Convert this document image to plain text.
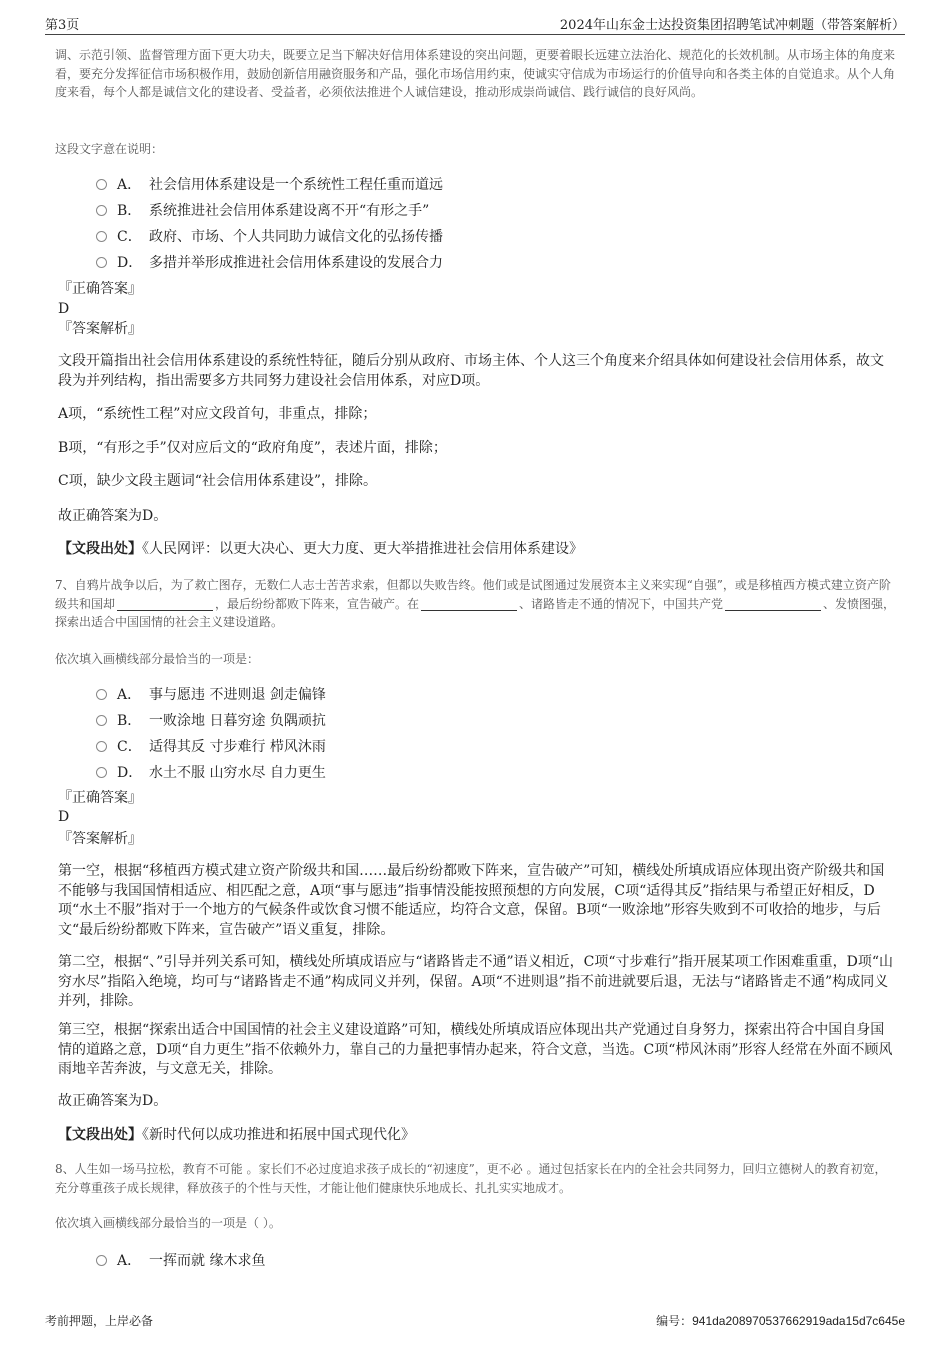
第3页	2024年山东金士达投资集团招聘笔试冲刺题（带答案解析）
调、示范引领、监督管理方面下更大功夫，既要立足当下解决好信用体系建设的突出问题，更要着眼长远建立法治化、规范化的长效机制。从市场主体的角度来看，要充分发挥征信市场积极作用，鼓励创新信用融资服务和产品，强化市场信用约束，使诚实守信成为市场运行的价值导向和各类主体的自觉追求。从个人角度来看，每个人都是诚信文化的建设者、受益者，必须依法推进个人诚信建设，推动形成崇尚诚信、践行诚信的良好风尚。
这段文字意在说明：
A． 社会信用体系建设是一个系统性工程任重而道远
B． 系统推进社会信用体系建设离不开“有形之手”
C． 政府、市场、个人共同助力诚信文化的弘扬传播
D． 多措并举形成推进社会信用体系建设的发展合力
『正确答案』
D
『答案解析』
文段开篇指出社会信用体系建设的系统性特征，随后分别从政府、市场主体、个人这三个角度来介绍具体如何建设社会信用体系，故文段为并列结构，指出需要多方共同努力建设社会信用体系，对应D项。
A项，“系统性工程”对应文段首句，非重点，排除；
B项，“有形之手”仅对应后文的“政府角度”，表述片面，排除；
C项，缺少文段主题词“社会信用体系建设”，排除。
故正确答案为D。
【文段出处】《人民网评：以更大决心、更大力度、更大举措推进社会信用体系建设》
7、自鸦片战争以后，为了救亡图存，无数仁人志士苦苦求索，但都以失败告终。他们或是试图通过发展资本主义来实现“自强”，或是移植西方模式建立资产阶级共和国却	，最后纷纷都败下阵来，宣告破产。在	、诸路皆走不通的情况下，中国共产党	、发愤图强，探索出适合中国国情的社会主义建设道路。
依次填入画横线部分最恰当的一项是：
A． 事与愿违 不进则退 剑走偏锋
B． 一败涂地 日暮穷途 负隅顽抗
C． 适得其反 寸步难行 栉风沐雨
D． 水土不服 山穷水尽 自力更生
『正确答案』
D
『答案解析』
第一空，根据“移植西方模式建立资产阶级共和国……最后纷纷都败下阵来，宣告破产”可知，横线处所填成语应体现出资产阶级共和国不能够与我国国情相适应、相匹配之意，A项“事与愿违”指事情没能按照预想的方向发展，C项“适得其反”指结果与希望正好相反，D项“水土不服”指对于一个地方的气候条件或饮食习惯不能适应，均符合文意，保留。B项“一败涂地”形容失败到不可收拾的地步，与后文“最后纷纷都败下阵来，宣告破产”语义重复，排除。
第二空，根据“、”引导并列关系可知，横线处所填成语应与“诸路皆走不通”语义相近，C项“寸步难行”指开展某项工作困难重重，D项“山穷水尽”指陷入绝境，均可与“诸路皆走不通”构成同义并列，保留。A项“不进则退”指不前进就要后退，无法与“诸路皆走不通”构成同义并列，排除。
第三空，根据“探索出适合中国国情的社会主义建设道路”可知，横线处所填成语应体现出共产党通过自身努力，探索出符合中国自身国情的道路之意，D项“自力更生”指不依赖外力，靠自己的力量把事情办起来，符合文意，当选。C项“栉风沐雨”形容人经常在外面不顾风雨地辛苦奔波，与文意无关，排除。
故正确答案为D。
【文段出处】《新时代何以成功推进和拓展中国式现代化》
8、人生如一场马拉松，教育不可能 。家长们不必过度追求孩子成长的“初速度”，更不必 。通过包括家长在内的全社会共同努力，回归立德树人的教育初宽，充分尊重孩子成长规律，释放孩子的个性与天性，才能让他们健康快乐地成长、扎扎实实地成才。
依次填入画横线部分最恰当的一项是（ ）。
A． 一挥而就 缘木求鱼
考前押题，上岸必备	编号：941da208970537662919ada15d7c645e
